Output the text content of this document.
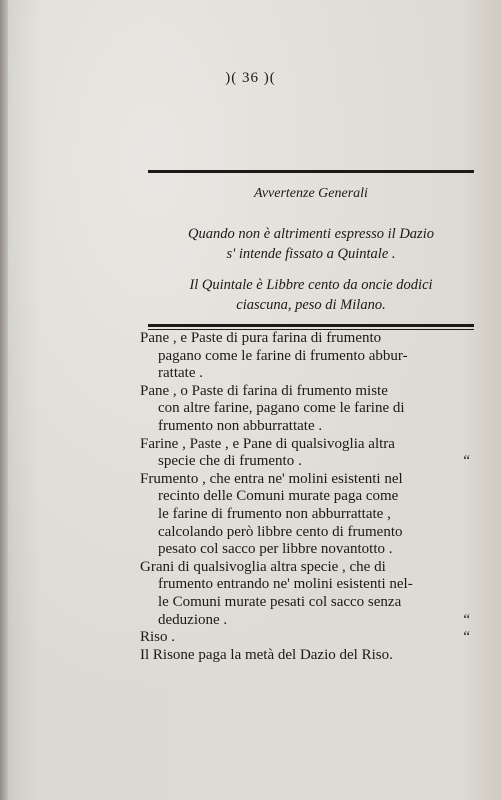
)( 36 )(
Avvertenze Generali
Quando non è altrimenti espresso il Dazio
s' intende fissato a Quintale .
Il Quintale è Libbre cento da oncie dodici
ciascuna, peso di Milano.
Pane , e Paste di pura farina di frumento
pagano come le farine di frumento abbur-
rattate .
Pane , o Paste di farina di frumento miste
con altre farine, pagano come le farine di
frumento non abburrattate .
Farine , Paste , e Pane di qualsivoglia altra
“
specie che di frumento .
Frumento , che entra ne' molini esistenti nel
recinto delle Comuni murate paga come
le farine di frumento non abburrattate ,
calcolando però libbre cento di frumento
pesato col sacco per libbre novantotto .
Grani di qualsivoglia altra specie , che di
frumento entrando ne' molini esistenti nel-
le Comuni murate pesati col sacco senza
“
deduzione .
“
Riso .
Il Risone paga la metà del Dazio del Riso.
